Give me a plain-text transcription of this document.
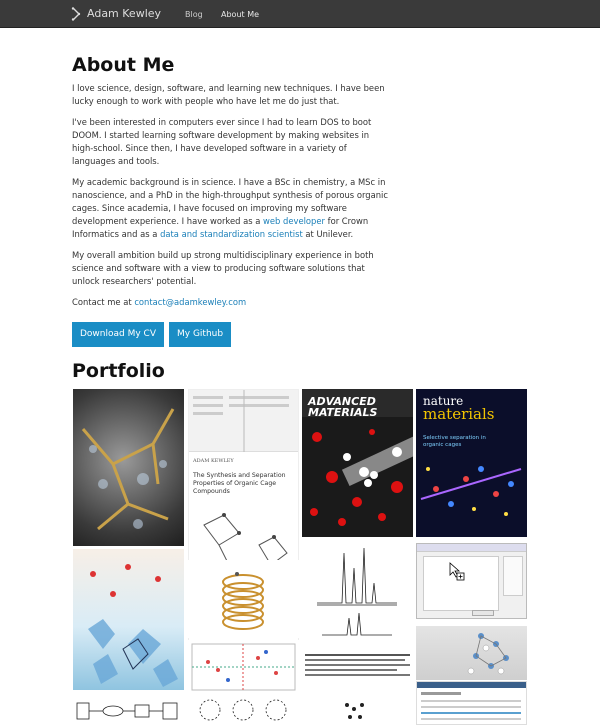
Adam Kewley	Blog About Me
About Me

I love science, design, software, and learning new techniques. I have been lucky enough to work with people who have let me do just that.

I've been interested in computers ever since I had to learn DOS to boot DOOM. I started learning software development by making websites in high-school. Since then, I have developed software in a variety of languages and tools.

My academic background is in science. I have a BSc in chemistry, a MSc in nanoscience, and a PhD in the high-throughput synthesis of porous organic cages. Since academia, I have focused on improving my software development experience. I have worked as a web developer for Crown Informatics and as a data and standardization scientist at Unilever.

My overall ambition build up strong multidisciplinary experience in both science and software with a view to producing software solutions that unlock researchers' potential.

Contact me at contact@adamkewley.com

Download My CV	My Github
Portfolio
ADAM KEWLEY
The Synthesis and Separation Properties of Organic Cage Compounds
ADVANCED MATERIALS
nature
materials
Selective separation in organic cages
